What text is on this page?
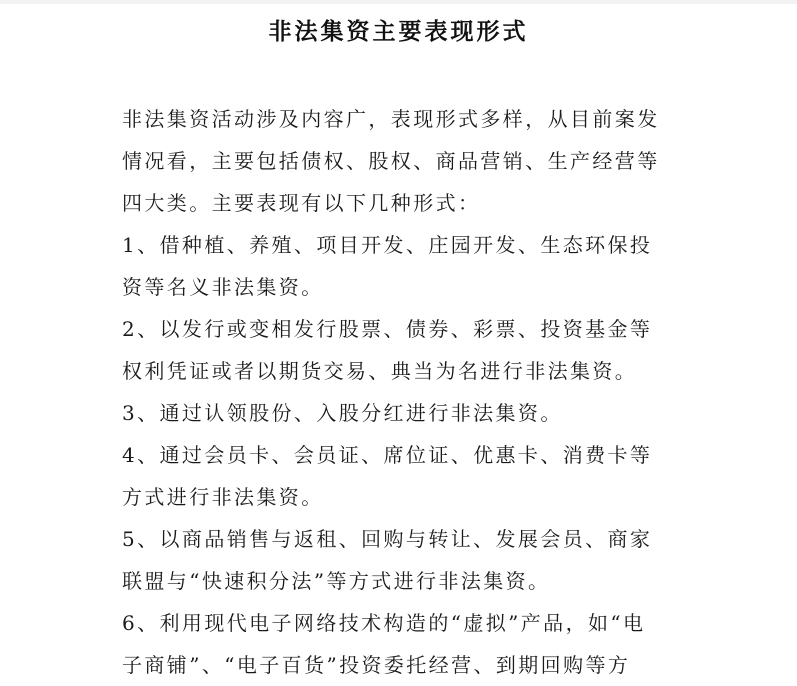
非法集资主要表现形式
非法集资活动涉及内容广，表现形式多样，从目前案发
情况看，主要包括债权、股权、商品营销、生产经营等
四大类。主要表现有以下几种形式：
1、借种植、养殖、项目开发、庄园开发、生态环保投
资等名义非法集资。
2、以发行或变相发行股票、债券、彩票、投资基金等
权利凭证或者以期货交易、典当为名进行非法集资。
3、通过认领股份、入股分红进行非法集资。
4、通过会员卡、会员证、席位证、优惠卡、消费卡等
方式进行非法集资。
5、以商品销售与返租、回购与转让、发展会员、商家
联盟与“快速积分法”等方式进行非法集资。
6、利用现代电子网络技术构造的“虚拟”产品，如“电
子商铺”、“电子百货”投资委托经营、到期回购等方
